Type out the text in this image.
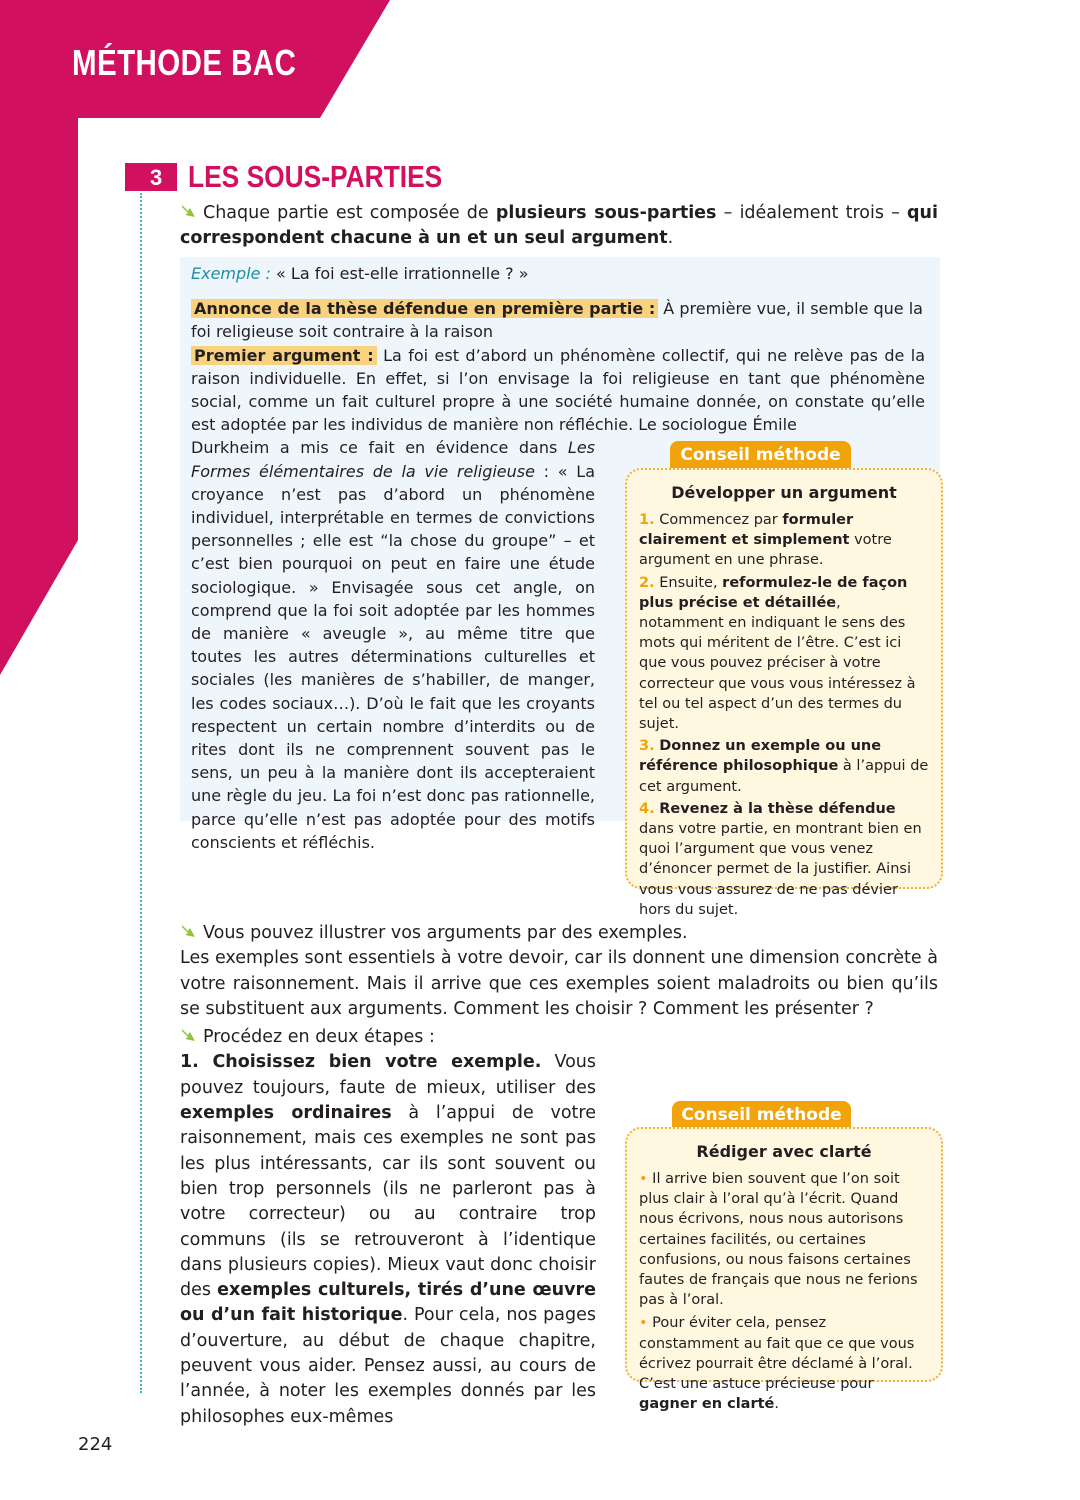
MÉTHODE BAC
3 LES SOUS-PARTIES

Chaque partie est composée de plusieurs sous-parties – idéalement trois – qui correspondent chacune à un et un seul argument.

Exemple : « La foi est-elle irrationnelle ? »

Annonce de la thèse défendue en première partie : À première vue, il semble que la foi religieuse soit contraire à la raison

Premier argument : La foi est d’abord un phénomène collectif, qui ne relève pas de la raison individuelle. En effet, si l’on envisage la foi religieuse en tant que phénomène social, comme un fait culturel propre à une société humaine donnée, on constate qu’elle est adoptée par les individus de manière non réfléchie. Le sociologue Émile

Durkheim a mis ce fait en évidence dans Les Formes élémentaires de la vie religieuse : « La croyance n’est pas d’abord un phénomène individuel, interprétable en termes de convictions personnelles ; elle est “la chose du groupe” – et c’est bien pourquoi on peut en faire une étude sociologique. » Envisagée sous cet angle, on comprend que la foi soit adoptée par les hommes de manière « aveugle », au même titre que toutes les autres déterminations culturelles et sociales (les manières de s’habiller, de manger, les codes sociaux…). D’où le fait que les croyants respectent un certain nombre d’interdits ou de rites dont ils ne comprennent souvent pas le sens, un peu à la manière dont ils accepteraient une règle du jeu. La foi n’est donc pas rationnelle, parce qu’elle n’est pas adoptée pour des motifs conscients et réfléchis.

Conseil méthode
Développer un argument

1. Commencez par formuler clairement et simplement votre argument en une phrase.

2. Ensuite, reformulez-le de façon plus précise et détaillée, notamment en indiquant le sens des mots qui méritent de l’être. C’est ici que vous pouvez préciser à votre correcteur que vous vous intéressez à tel ou tel aspect d’un des termes du sujet.

3. Donnez un exemple ou une référence philosophique à l’appui de cet argument.

4. Revenez à la thèse défendue dans votre partie, en montrant bien en quoi l’argument que vous venez d’énoncer permet de la justifier. Ainsi vous vous assurez de ne pas dévier hors du sujet.

Vous pouvez illustrer vos arguments par des exemples.

Les exemples sont essentiels à votre devoir, car ils donnent une dimension concrète à votre raisonnement. Mais il arrive que ces exemples soient maladroits ou bien qu’ils se substituent aux arguments. Comment les choisir ? Comment les présenter ?

Procédez en deux étapes :

1. Choisissez bien votre exemple. Vous pouvez toujours, faute de mieux, utiliser des exemples ordinaires à l’appui de votre raisonnement, mais ces exemples ne sont pas les plus intéressants, car ils sont souvent ou bien trop personnels (ils ne parleront pas à votre correcteur) ou au contraire trop communs (ils se retrouveront à l’identique dans plusieurs copies). Mieux vaut donc choisir des exemples culturels, tirés d’une œuvre ou d’un fait historique. Pour cela, nos pages d’ouverture, au début de chaque chapitre, peuvent vous aider. Pensez aussi, au cours de l’année, à noter les exemples donnés par les philosophes eux-mêmes

Conseil méthode
Rédiger avec clarté

• Il arrive bien souvent que l’on soit plus clair à l’oral qu’à l’écrit. Quand nous écrivons, nous nous autorisons certaines facilités, ou certaines confusions, ou nous faisons certaines fautes de français que nous ne ferions pas à l’oral.

• Pour éviter cela, pensez constamment au fait que ce que vous écrivez pourrait être déclamé à l’oral. C’est une astuce précieuse pour gagner en clarté.

224
